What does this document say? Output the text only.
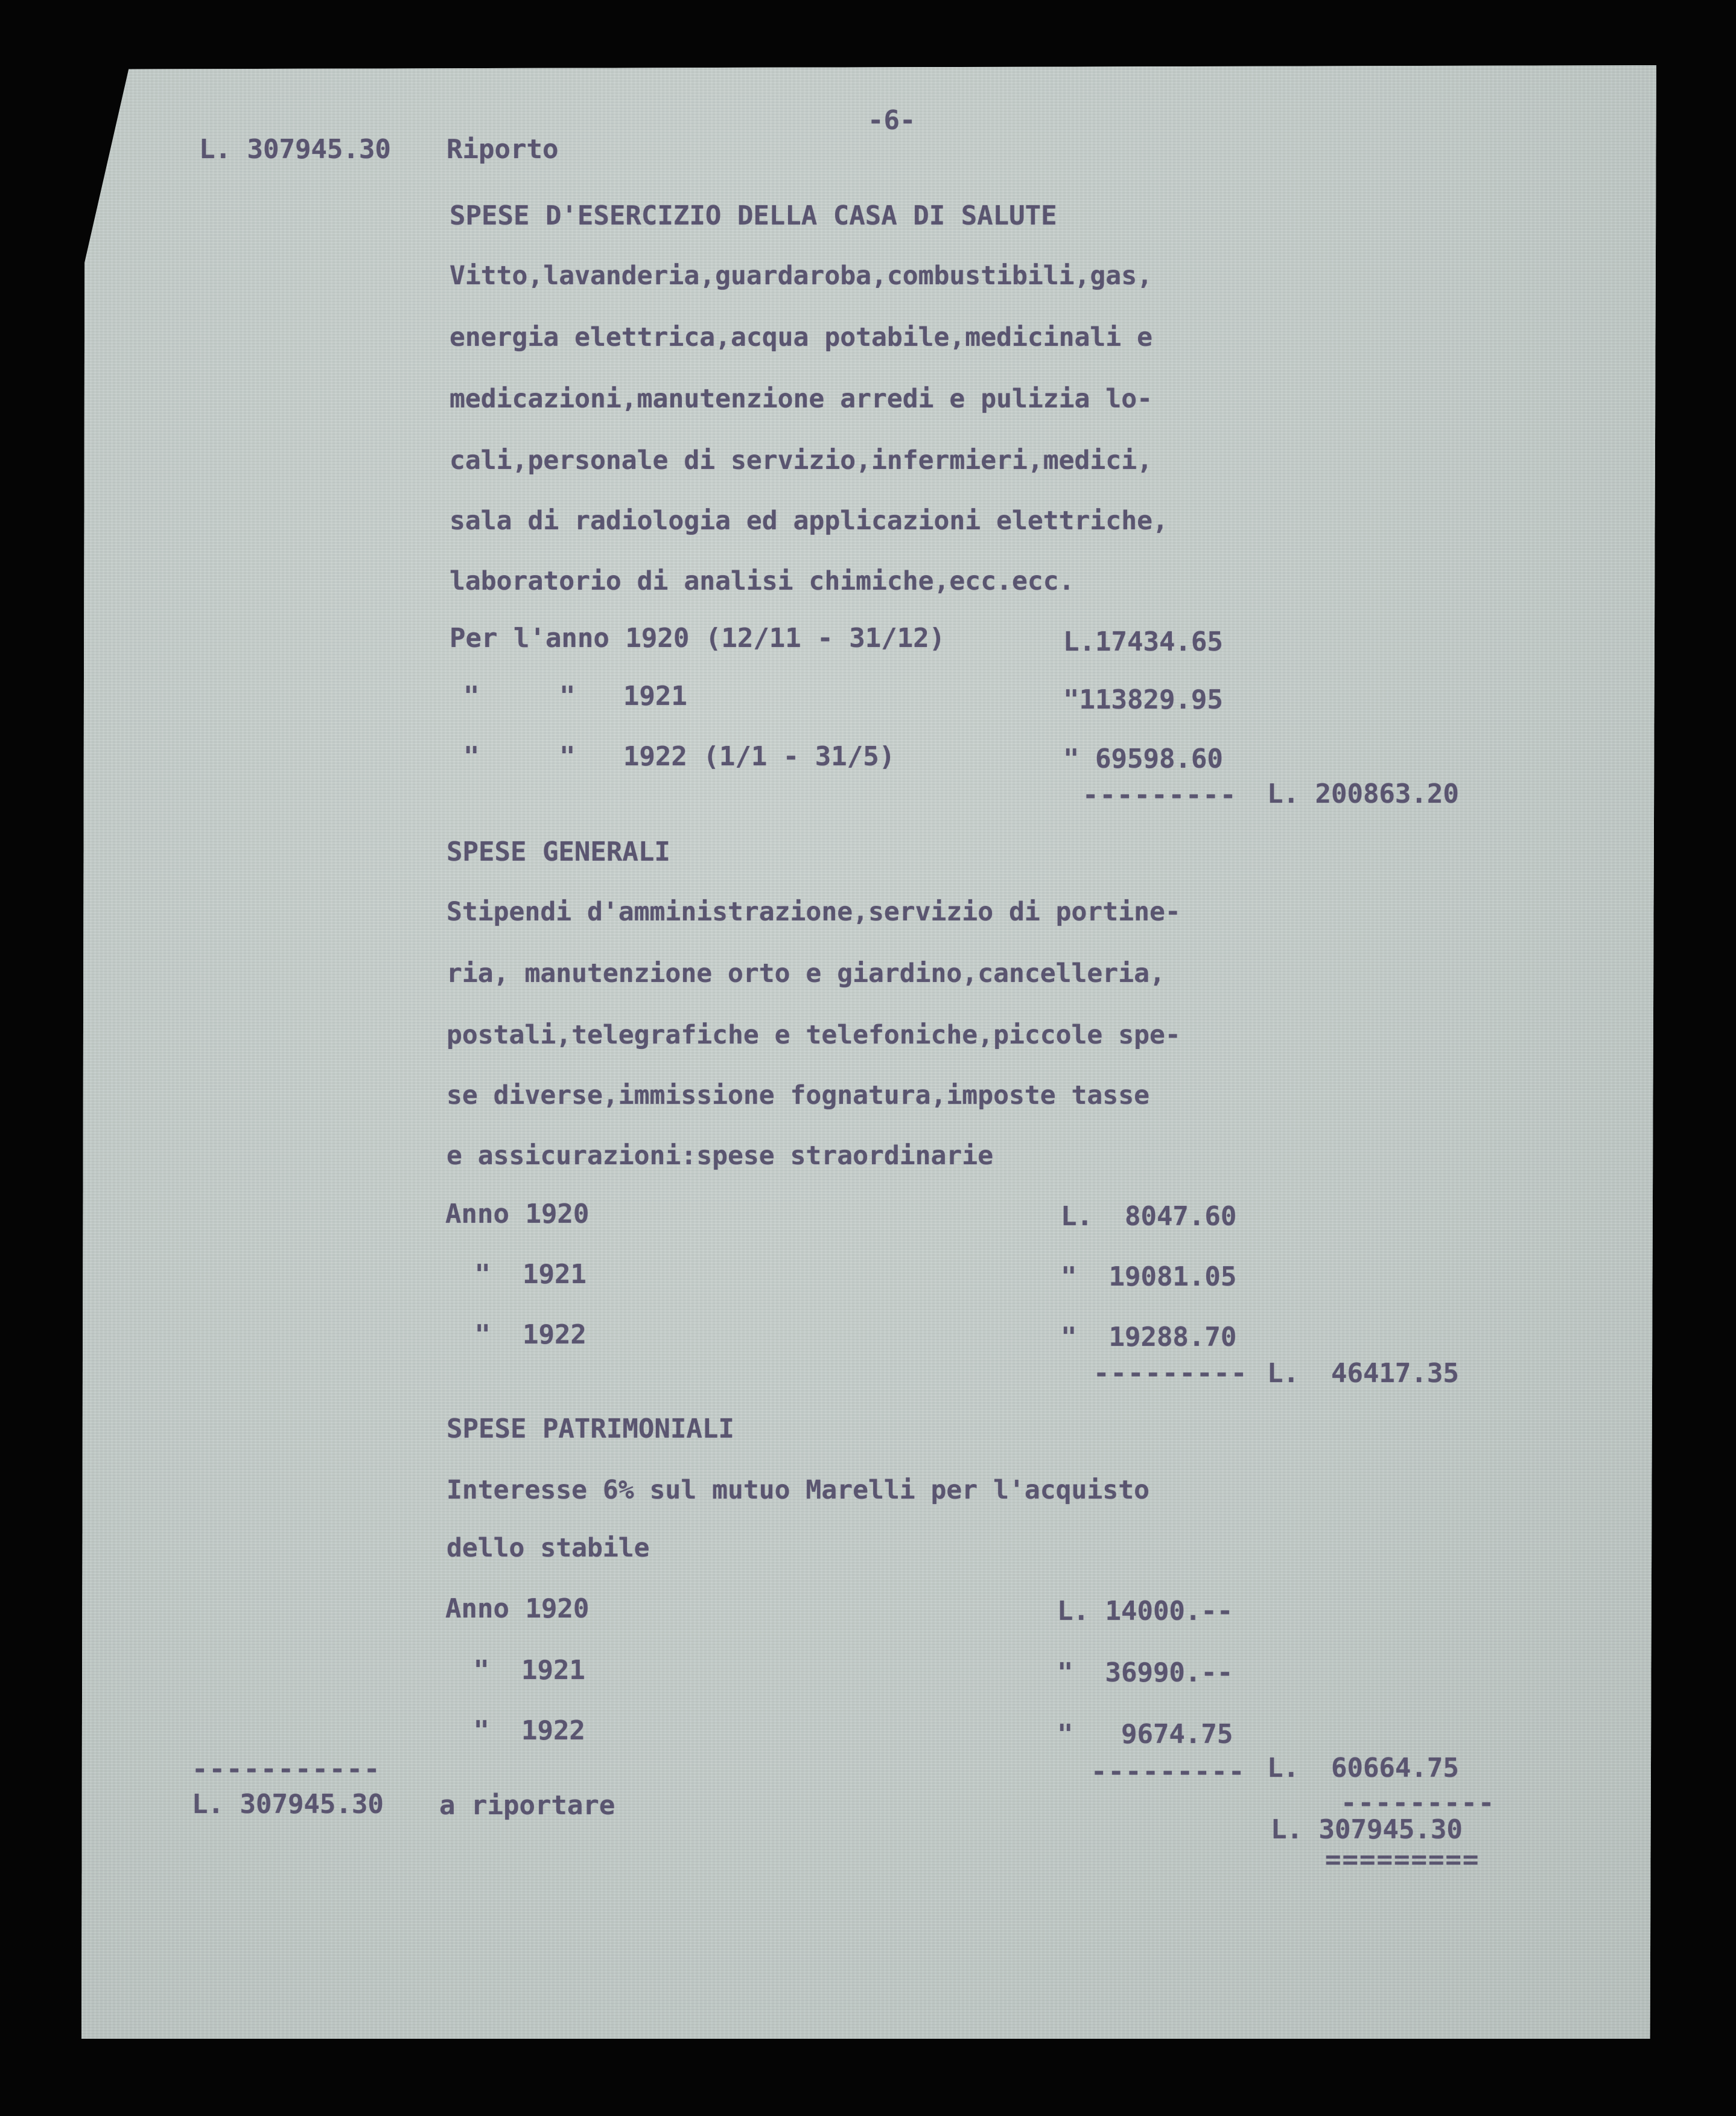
-6-
L. 307945.30 Riporto
SPESE D'ESERCIZIO DELLA CASA DI SALUTE
Vitto,lavanderia,guardaroba,combustibili,gas,
energia elettrica,acqua potabile,medicinali e
medicazioni,manutenzione arredi e pulizia lo-
cali,personale di servizio,infermieri,medici,
sala di radiologia ed applicazioni elettriche,
laboratorio di analisi chimiche,ecc.ecc.
Per l'anno 1920 (12/11 - 31/12)	L.17434.65
"     "   1921	"113829.95
"     "   1922 (1/1 - 31/5)	" 69598.60
--------- L. 200863.20
SPESE GENERALI
Stipendi d'amministrazione,servizio di portine-
ria, manutenzione orto e giardino,cancelleria,
postali,telegrafiche e telefoniche,piccole spe-
se diverse,immissione fognatura,imposte tasse
e assicurazioni:spese straordinarie
Anno 1920	L.  8047.60
"  1921	"  19081.05
"  1922	"  19288.70
--------- L.  46417.35
SPESE PATRIMONIALI
Interesse 6% sul mutuo Marelli per l'acquisto
dello stabile
Anno 1920	L. 14000.--
"  1921	"  36990.--
"  1922	"   9674.75
--------- L.  60664.75
-----------
L. 307945.30 a riportare	---------
L. 307945.30
=========
